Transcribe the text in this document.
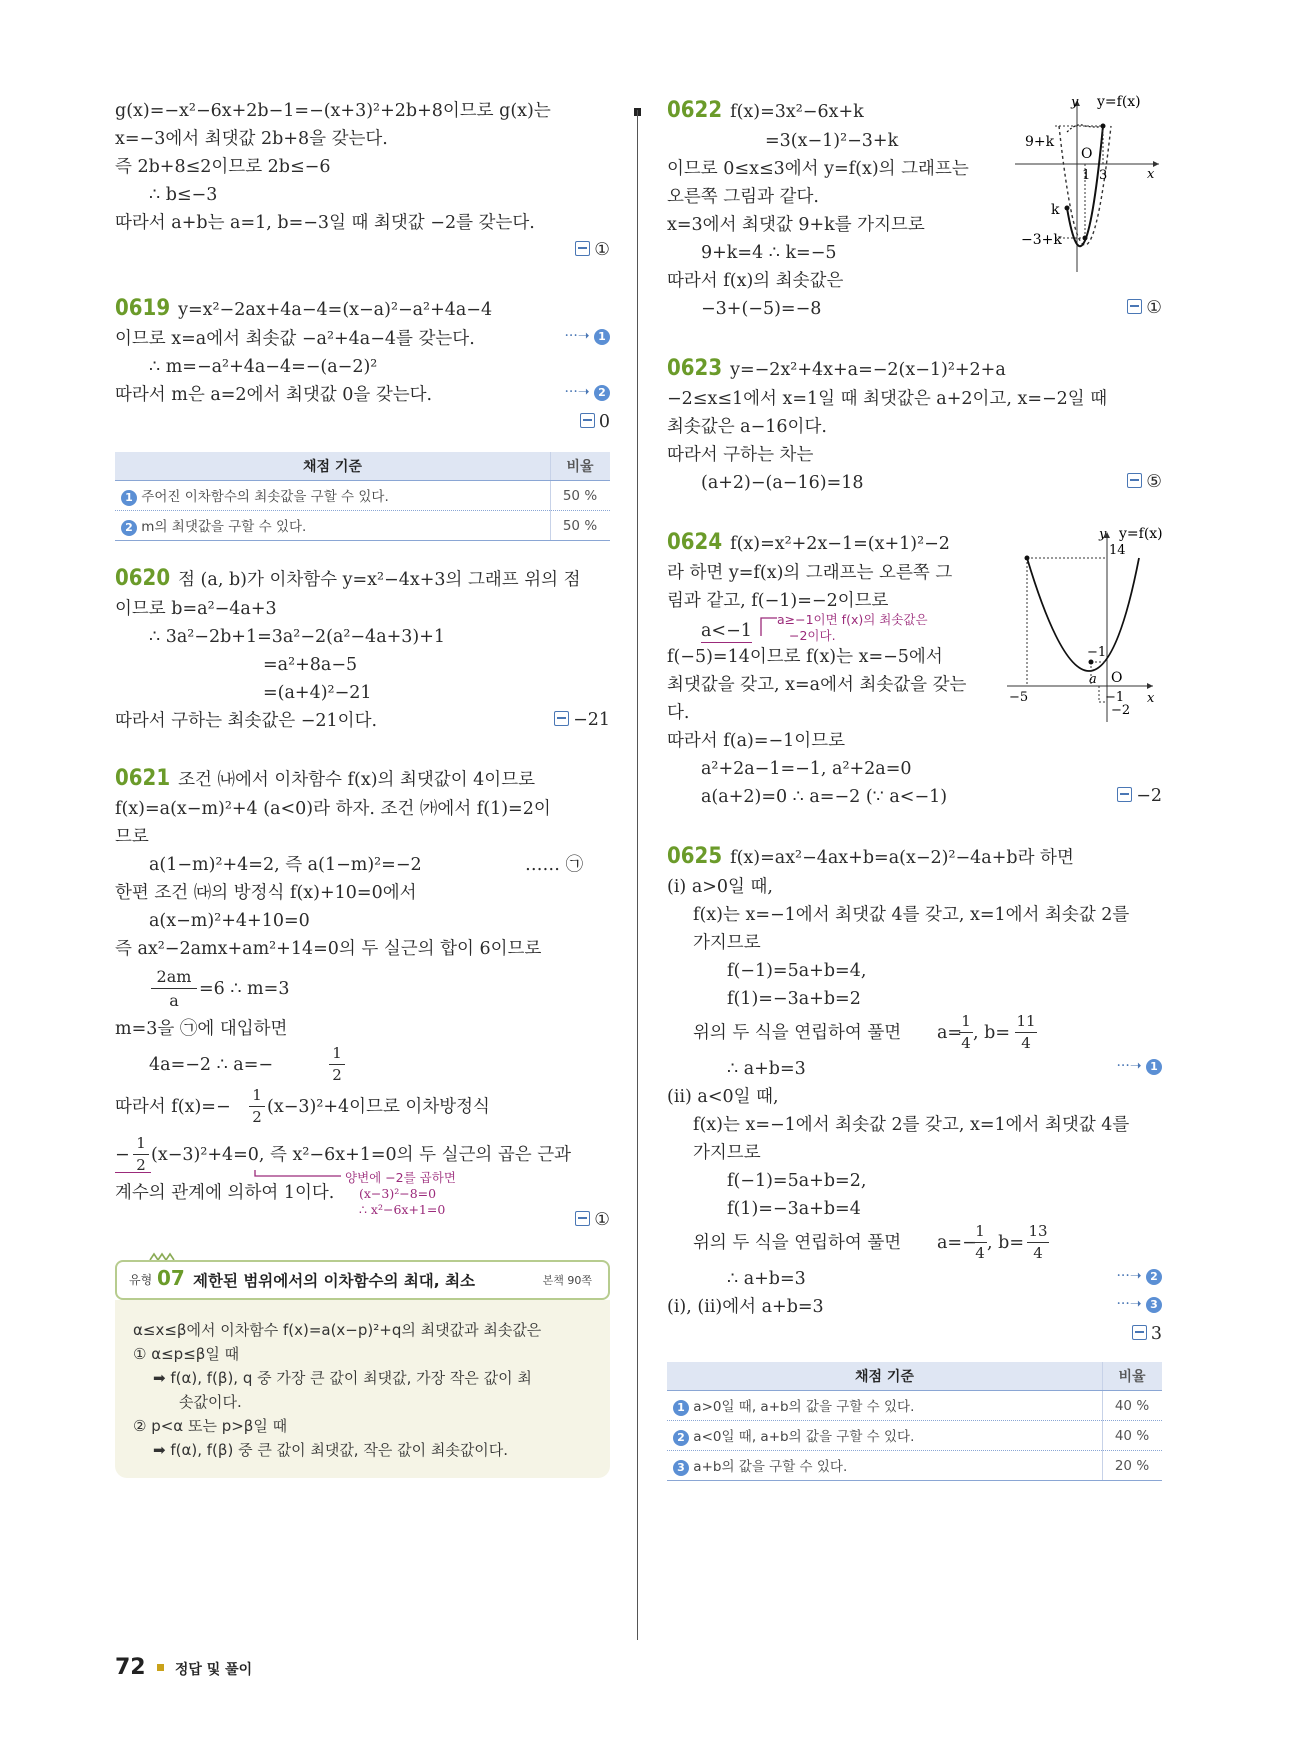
g(x)=−x²−6x+2b−1=−(x+3)²+2b+8이므로 g(x)는
x=−3에서 최댓값 2b+8을 갖는다.
즉 2b+8≤2이므로 2b≤−6
∴ b≤−3
따라서 a+b는 a=1, b=−3일 때 최댓값 −2를 갖는다.
①
0619 y=x²−2ax+4a−4=(x−a)²−a²+4a−4
이므로 x=a에서 최솟값 −a²+4a−4를 갖는다.	···➝ 1
∴ m=−a²+4a−4=−(a−2)²
따라서 m은 a=2에서 최댓값 0을 갖는다.	···➝ 2
0
채점 기준	비율
1 주어진 이차함수의 최솟값을 구할 수 있다.	50 %
2 m의 최댓값을 구할 수 있다.	50 %
0620 점 (a, b)가 이차함수 y=x²−4x+3의 그래프 위의 점
이므로 b=a²−4a+3
∴ 3a²−2b+1=3a²−2(a²−4a+3)+1
=a²+8a−5
=(a+4)²−21
따라서 구하는 최솟값은 −21이다.	−21
0621 조건 ㈏에서 이차함수 f(x)의 최댓값이 4이므로
f(x)=a(x−m)²+4 (a<0)라 하자. 조건 ㈎에서 f(1)=2이
므로
a(1−m)²+4=2, 즉 a(1−m)²=−2	…… ㉠
한편 조건 ㈐의 방정식 f(x)+10=0에서
a(x−m)²+4+10=0
즉 ax²−2amx+am²+14=0의 두 실근의 합이 6이므로
2am
a
=6 ∴ m=3
m=3을 ㉠에 대입하면
4a=−2 ∴ a=−
1
2
따라서 f(x)=−
1
2 (x−3)²+4이므로 이차방정식
−
1
2 (x−3)²+4=0, 즉 x²−6x+1=0의 두 실근의 곱은 근과
계수의 관계에 의하여 1이다.
양변에 −2를 곱하면
(x−3)²−8=0
∴ x²−6x+1=0
①
유형 07 제한된 범위에서의 이차함수의 최대, 최소	본책 90쪽
α≤x≤β에서 이차함수 f(x)=a(x−p)²+q의 최댓값과 최솟값은
① α≤p≤β일 때
➡ f(α), f(β), q 중 가장 큰 값이 최댓값, 가장 작은 값이 최
솟값이다.
② p<α 또는 p>β일 때
➡ f(α), f(β) 중 큰 값이 최댓값, 작은 값이 최솟값이다.
0622 f(x)=3x²−6x+k
=3(x−1)²−3+k
이므로 0≤x≤3에서 y=f(x)의 그래프는
오른쪽 그림과 같다.
x=3에서 최댓값 9+k를 가지므로
9+k=4 ∴ k=−5
따라서 f(x)의 최솟값은
−3+(−5)=−8	①
y y=f(x)
x
O
9+k
k
−3+k
1 3
0623 y=−2x²+4x+a=−2(x−1)²+2+a
−2≤x≤1에서 x=1일 때 최댓값은 a+2이고, x=−2일 때
최솟값은 a−16이다.
따라서 구하는 차는
(a+2)−(a−16)=18	⑤
0624 f(x)=x²+2x−1=(x+1)²−2
라 하면 y=f(x)의 그래프는 오른쪽 그
림과 같고, f(−1)=−2이므로
a<−1
a≥−1이면 f(x)의 최솟값은
−2이다.
f(−5)=14이므로 f(x)는 x=−5에서
최댓값을 갖고, x=a에서 최솟값을 갖는
다.
따라서 f(a)=−1이므로
a²+2a−1=−1, a²+2a=0
a(a+2)=0 ∴ a=−2 (∵ a<−1)	−2
y y=f(x)
x
O
14
−1
a
−5	−1
−2
0625 f(x)=ax²−4ax+b=a(x−2)²−4a+b라 하면
(ⅰ) a>0일 때,
f(x)는 x=−1에서 최댓값 4를 갖고, x=1에서 최솟값 2를
가지므로
f(−1)=5a+b=4,
f(1)=−3a+b=2
위의 두 식을 연립하여 풀면 a=
1
4 , b=
11
4
∴ a+b=3	···➝ 1
(ⅱ) a<0일 때,
f(x)는 x=−1에서 최솟값 2를 갖고, x=1에서 최댓값 4를
가지므로
f(−1)=5a+b=2,
f(1)=−3a+b=4
위의 두 식을 연립하여 풀면 a=−
1
4 , b=
13
4
∴ a+b=3	···➝ 2
(ⅰ), (ⅱ)에서 a+b=3	···➝ 3
3
채점 기준	비율
1 a>0일 때, a+b의 값을 구할 수 있다.	40 %
2 a<0일 때, a+b의 값을 구할 수 있다.	40 %
3 a+b의 값을 구할 수 있다.	20 %
72 정답 및 풀이
